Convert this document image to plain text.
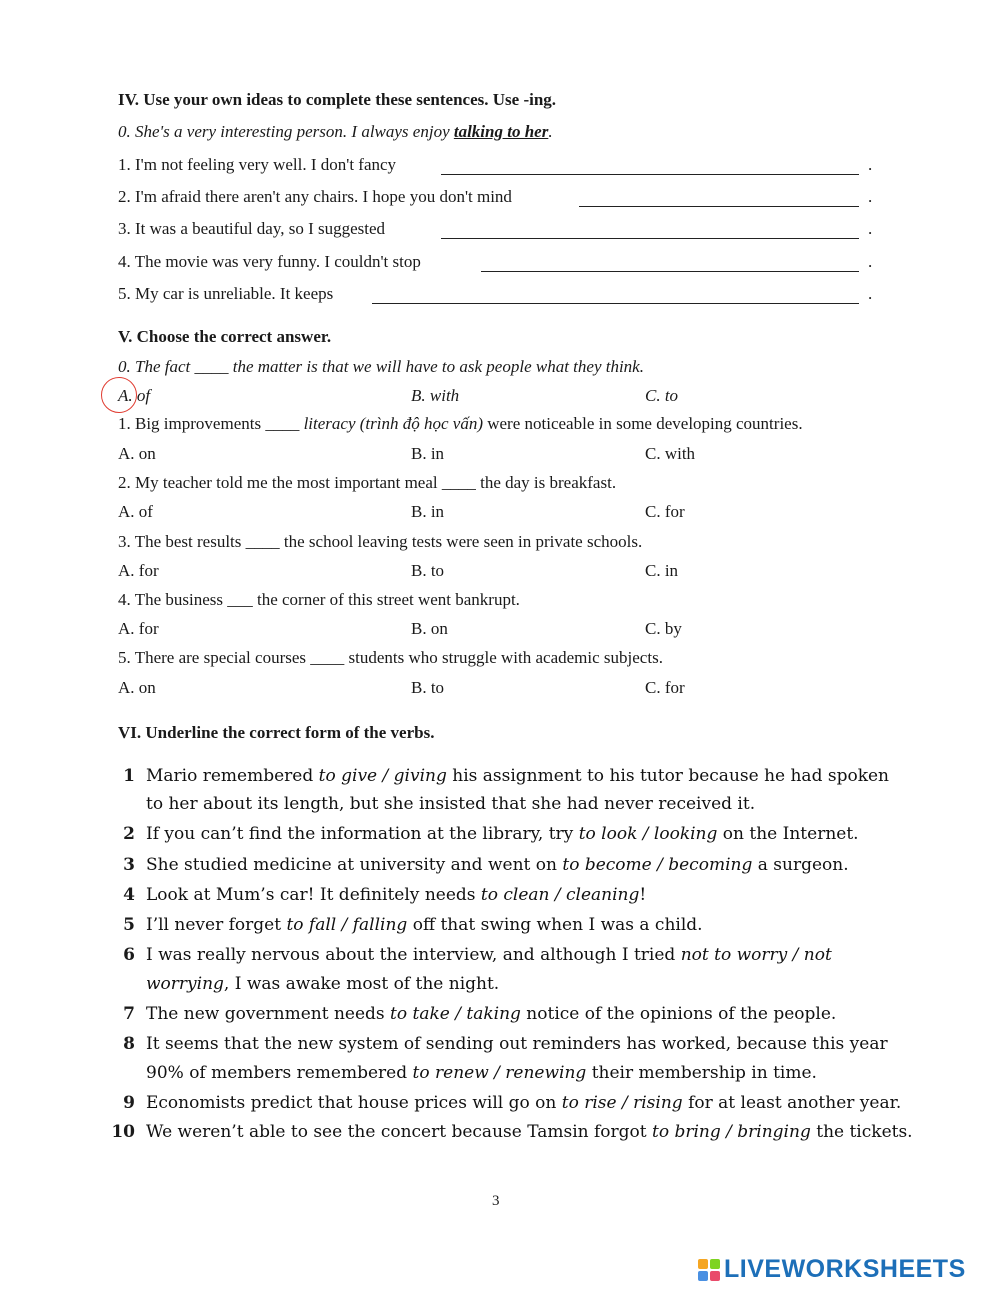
​
IV. Use your own ideas to complete these sentences. Use -ing.
0. She's a very interesting person. I always enjoy talking to her.
1. I'm not feeling very well. I don't fancy	.
2. I'm afraid there aren't any chairs. I hope you don't mind	.
3. It was a beautiful day, so I suggested	.
4. The movie was very funny. I couldn't stop	.
5. My car is unreliable. It keeps	.
V. Choose the correct answer.
0. The fact ____ the matter is that we will have to ask people what they think.
A. of	B. with	C. to
1. Big improvements ____ literacy (trình độ học vấn) were noticeable in some developing countries.
A. on	B. in	C. with
2. My teacher told me the most important meal ____ the day is breakfast.
A. of	B. in	C. for
3. The best results ____ the school leaving tests were seen in private schools.
A. for	B. to	C. in
4. The business ___ the corner of this street went bankrupt.
A. for	B. on	C. by
5. There are special courses ____ students who struggle with academic subjects.
A. on	B. to	C. for
VI. Underline the correct form of the verbs.
1 Mario remembered to give / giving his assignment to his tutor because he had spoken
to her about its length, but she insisted that she had never received it.
2 If you can’t find the information at the library, try to look / looking on the Internet.
3 She studied medicine at university and went on to become / becoming a surgeon.
4 Look at Mum’s car! It definitely needs to clean / cleaning!
5 I’ll never forget to fall / falling off that swing when I was a child.
6 I was really nervous about the interview, and although I tried not to worry / not
worrying, I was awake most of the night.
7 The new government needs to take / taking notice of the opinions of the people.
8 It seems that the new system of sending out reminders has worked, because this year
90% of members remembered to renew / renewing their membership in time.
9 Economists predict that house prices will go on to rise / rising for at least another year.
10 We weren’t able to see the concert because Tamsin forgot to bring / bringing the tickets.
3
LIVEWORKSHEETS
